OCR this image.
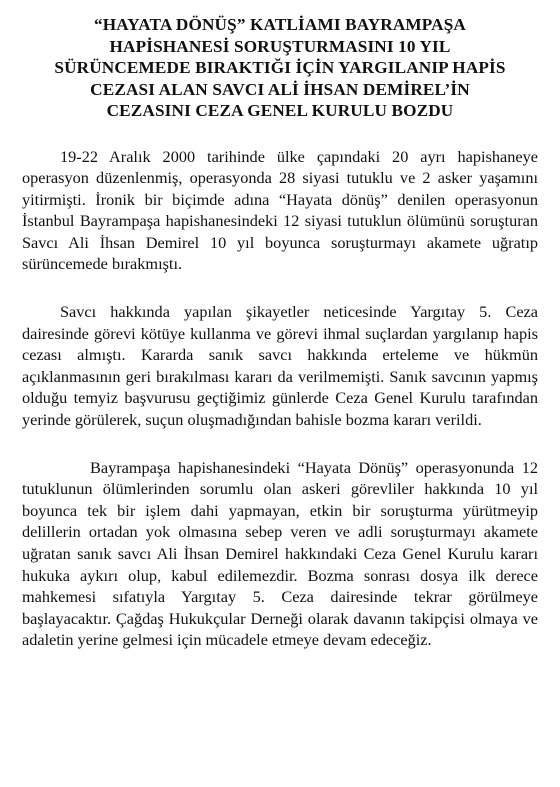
“HAYATA DÖNÜŞ” KATLİAMI BAYRAMPAŞA
HAPİSHANESİ SORUŞTURMASINI 10 YIL
SÜRÜNCEMEDE BIRAKTIĞI İÇİN YARGILANIP HAPİS
CEZASI ALAN SAVCI ALİ İHSAN DEMİREL’İN
CEZASINI CEZA GENEL KURULU BOZDU

19-22 Aralık 2000 tarihinde ülke çapındaki 20 ayrı hapishaneye operasyon düzenlenmiş, operasyonda 28 siyasi tutuklu ve 2 asker yaşamını yitirmişti. İronik bir biçimde adına “Hayata dönüş” denilen operasyonun İstanbul Bayrampaşa hapishanesindeki 12 siyasi tutuklun ölümünü soruşturan Savcı Ali İhsan Demirel 10 yıl boyunca soruşturmayı akamete uğratıp sürüncemede bırakmıştı.

Savcı hakkında yapılan şikayetler neticesinde Yargıtay 5. Ceza dairesinde görevi kötüye kullanma ve görevi ihmal suçlardan yargılanıp hapis cezası almıştı. Kararda sanık savcı hakkında erteleme ve hükmün açıklanmasının geri bırakılması kararı da verilmemişti. Sanık savcının yapmış olduğu temyiz başvurusu geçtiğimiz günlerde Ceza Genel Kurulu tarafından yerinde görülerek, suçun oluşmadığından bahisle bozma kararı verildi.

Bayrampaşa hapishanesindeki “Hayata Dönüş” operasyonunda 12 tutuklunun ölümlerinden sorumlu olan askeri görevliler hakkında 10 yıl boyunca tek bir işlem dahi yapmayan, etkin bir soruşturma yürütmeyip delillerin ortadan yok olmasına sebep veren ve adli soruşturmayı akamete uğratan sanık savcı Ali İhsan Demirel hakkındaki Ceza Genel Kurulu kararı hukuka aykırı olup, kabul edilemezdir. Bozma sonrası dosya ilk derece mahkemesi sıfatıyla Yargıtay 5. Ceza dairesinde tekrar görülmeye başlayacaktır. Çağdaş Hukukçular Derneği olarak davanın takipçisi olmaya ve adaletin yerine gelmesi için mücadele etmeye devam edeceğiz.
